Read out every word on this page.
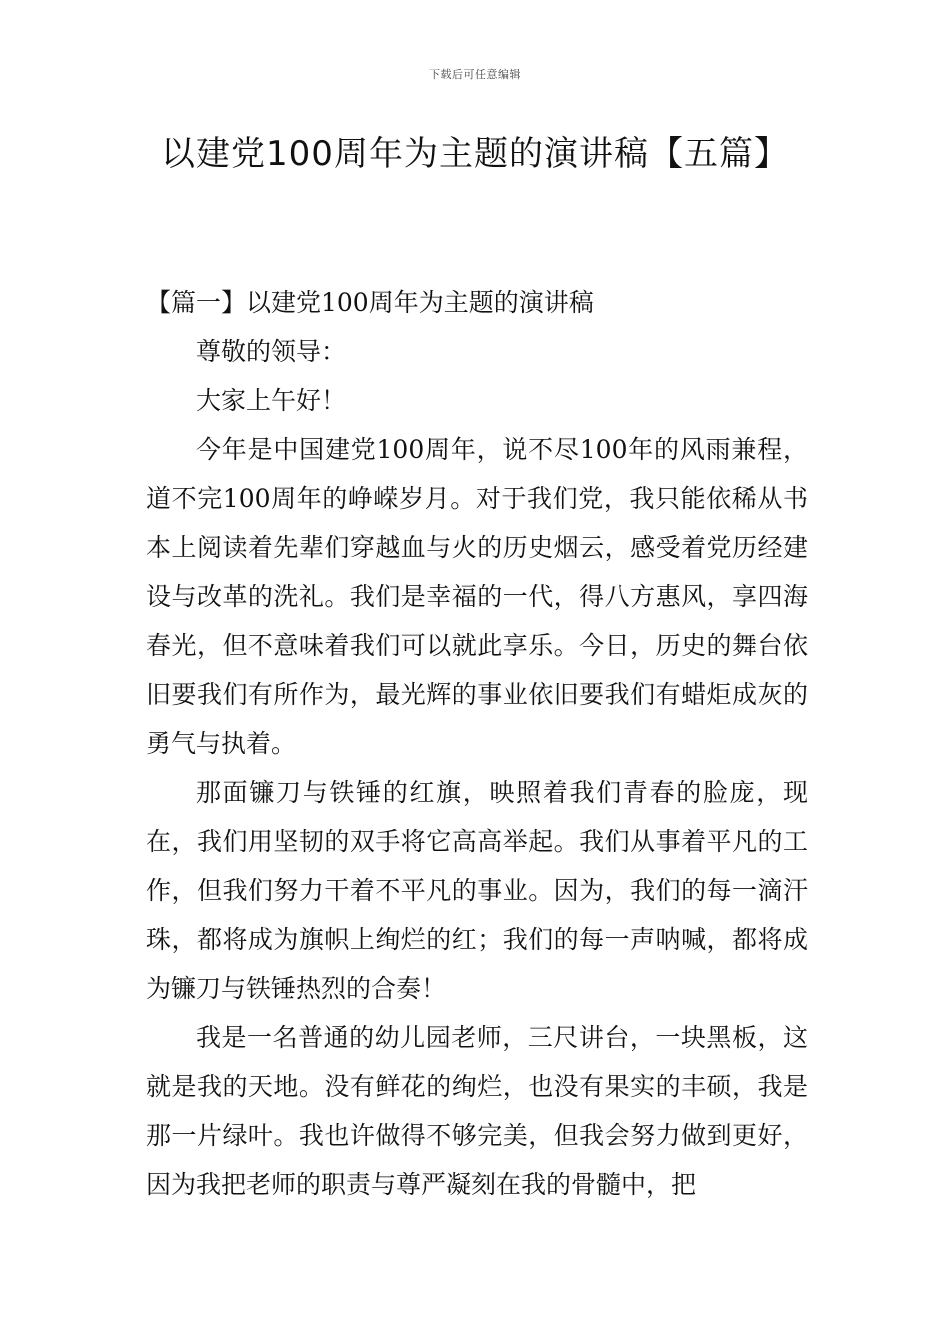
下载后可任意编辑
以建党100周年为主题的演讲稿【五篇】

【篇一】以建党100周年为主题的演讲稿

尊敬的领导：

大家上午好！

今年是中国建党100周年，说不尽100年的风雨兼程，道不完100周年的峥嵘岁月。对于我们党，我只能依稀从书本上阅读着先辈们穿越血与火的历史烟云，感受着党历经建设与改革的洗礼。我们是幸福的一代，得八方惠风，享四海春光，但不意味着我们可以就此享乐。今日，历史的舞台依旧要我们有所作为，最光辉的事业依旧要我们有蜡炬成灰的勇气与执着。

那面镰刀与铁锤的红旗，映照着我们青春的脸庞，现在，我们用坚韧的双手将它高高举起。我们从事着平凡的工作，但我们努力干着不平凡的事业。因为，我们的每一滴汗珠，都将成为旗帜上绚烂的红；我们的每一声呐喊，都将成为镰刀与铁锤热烈的合奏！

我是一名普通的幼儿园老师，三尺讲台，一块黑板，这就是我的天地。没有鲜花的绚烂，也没有果实的丰硕，我是那一片绿叶。我也许做得不够完美，但我会努力做到更好，因为我把老师的职责与尊严凝刻在我的骨髓中，把
